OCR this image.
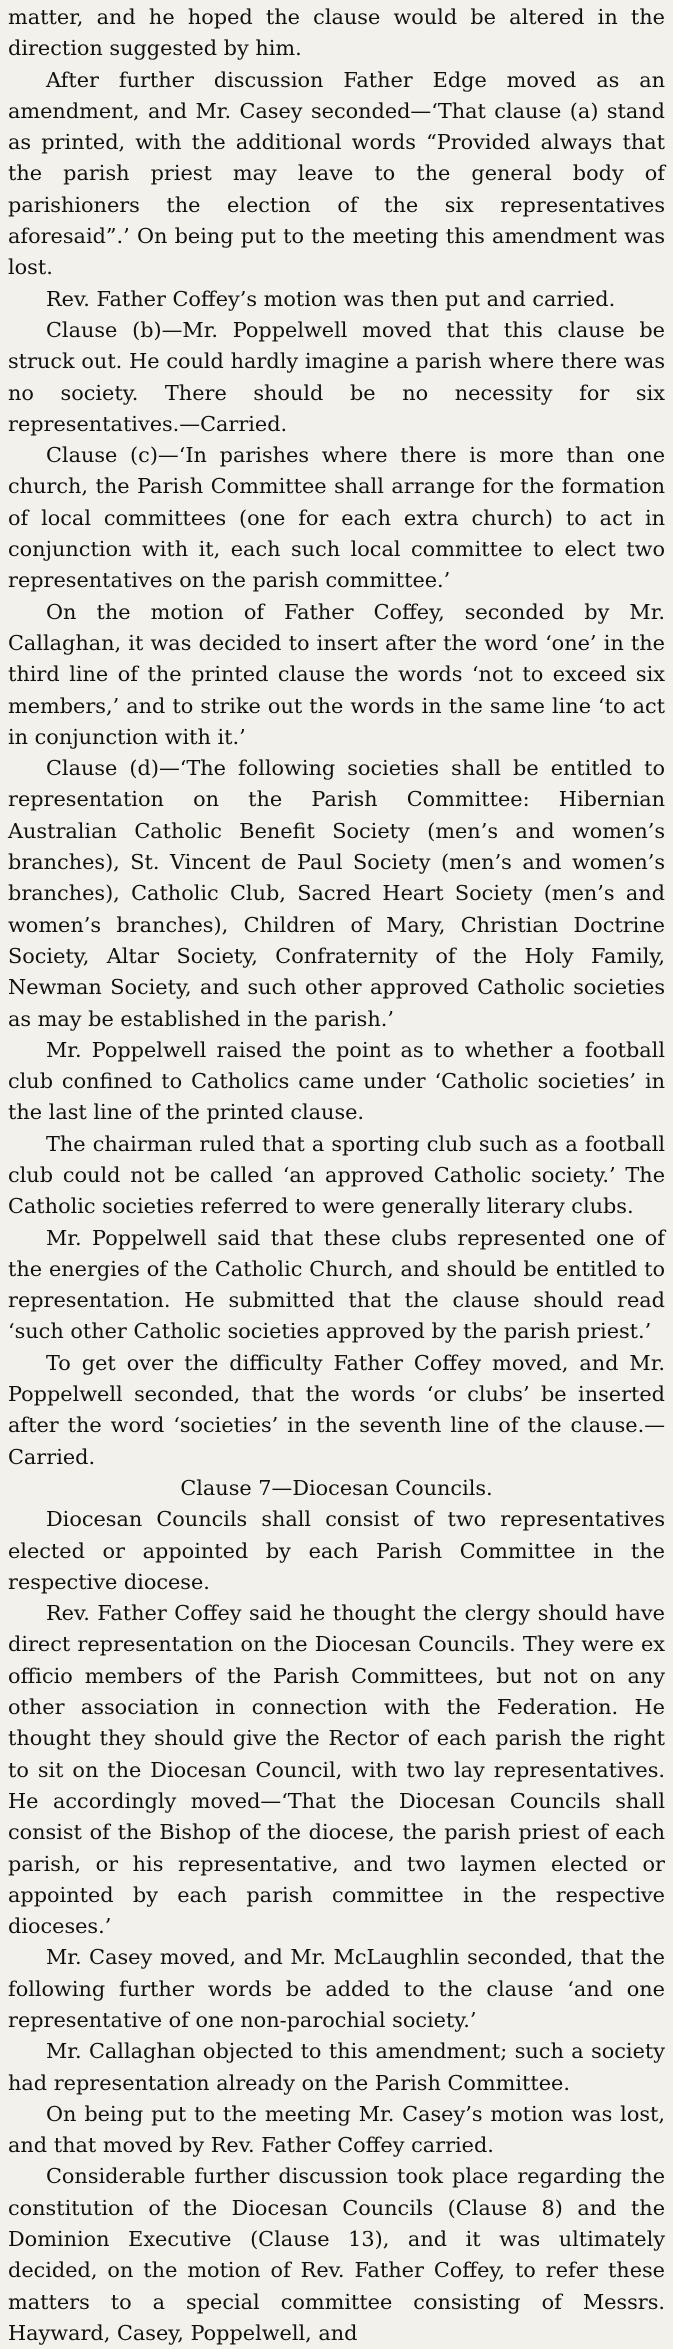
matter, and he hoped the clause would be altered in the direction suggested by him.

After further discussion Father Edge moved as an amendment, and Mr. Casey seconded—‘That clause (a) stand as printed, with the additional words “Provided always that the parish priest may leave to the general body of parishioners the election of the six representatives aforesaid”.’ On being put to the meeting this amendment was lost.

Rev. Father Coffey’s motion was then put and carried.

Clause (b)—Mr. Poppelwell moved that this clause be struck out. He could hardly imagine a parish where there was no society. There should be no necessity for six representatives.—Carried.

Clause (c)—‘In parishes where there is more than one church, the Parish Committee shall arrange for the formation of local committees (one for each extra church) to act in conjunction with it, each such local committee to elect two representatives on the parish committee.’

On the motion of Father Coffey, seconded by Mr. Callaghan, it was decided to insert after the word ‘one’ in the third line of the printed clause the words ‘not to exceed six members,’ and to strike out the words in the same line ‘to act in conjunction with it.’

Clause (d)—‘The following societies shall be entitled to representation on the Parish Committee: Hibernian Australian Catholic Benefit Society (men’s and women’s branches), St. Vincent de Paul Society (men’s and women’s branches), Catholic Club, Sacred Heart Society (men’s and women’s branches), Children of Mary, Christian Doctrine Society, Altar Society, Confraternity of the Holy Family, Newman Society, and such other approved Catholic societies as may be established in the parish.’

Mr. Poppelwell raised the point as to whether a football club confined to Catholics came under ‘Catholic societies’ in the last line of the printed clause.

The chairman ruled that a sporting club such as a football club could not be called ‘an approved Catholic society.’ The Catholic societies referred to were generally literary clubs.

Mr. Poppelwell said that these clubs represented one of the energies of the Catholic Church, and should be entitled to representation. He submitted that the clause should read ‘such other Catholic societies approved by the parish priest.’

To get over the difficulty Father Coffey moved, and Mr. Poppelwell seconded, that the words ‘or clubs’ be inserted after the word ‘societies’ in the seventh line of the clause.—Carried.

Clause 7—Diocesan Councils.

Diocesan Councils shall consist of two representatives elected or appointed by each Parish Committee in the respective diocese.

Rev. Father Coffey said he thought the clergy should have direct representation on the Diocesan Councils. They were ex officio members of the Parish Committees, but not on any other association in connection with the Federation. He thought they should give the Rector of each parish the right to sit on the Diocesan Council, with two lay representatives. He accordingly moved—‘That the Diocesan Councils shall consist of the Bishop of the diocese, the parish priest of each parish, or his representative, and two laymen elected or appointed by each parish committee in the respective dioceses.’

Mr. Casey moved, and Mr. McLaughlin seconded, that the following further words be added to the clause ‘and one representative of one non-parochial society.’

Mr. Callaghan objected to this amendment; such a society had representation already on the Parish Committee.

On being put to the meeting Mr. Casey’s motion was lost, and that moved by Rev. Father Coffey carried.

Considerable further discussion took place regarding the constitution of the Diocesan Councils (Clause 8) and the Dominion Executive (Clause 13), and it was ultimately decided, on the motion of Rev. Father Coffey, to refer these matters to a special committee consisting of Messrs. Hayward, Casey, Poppelwell, and
